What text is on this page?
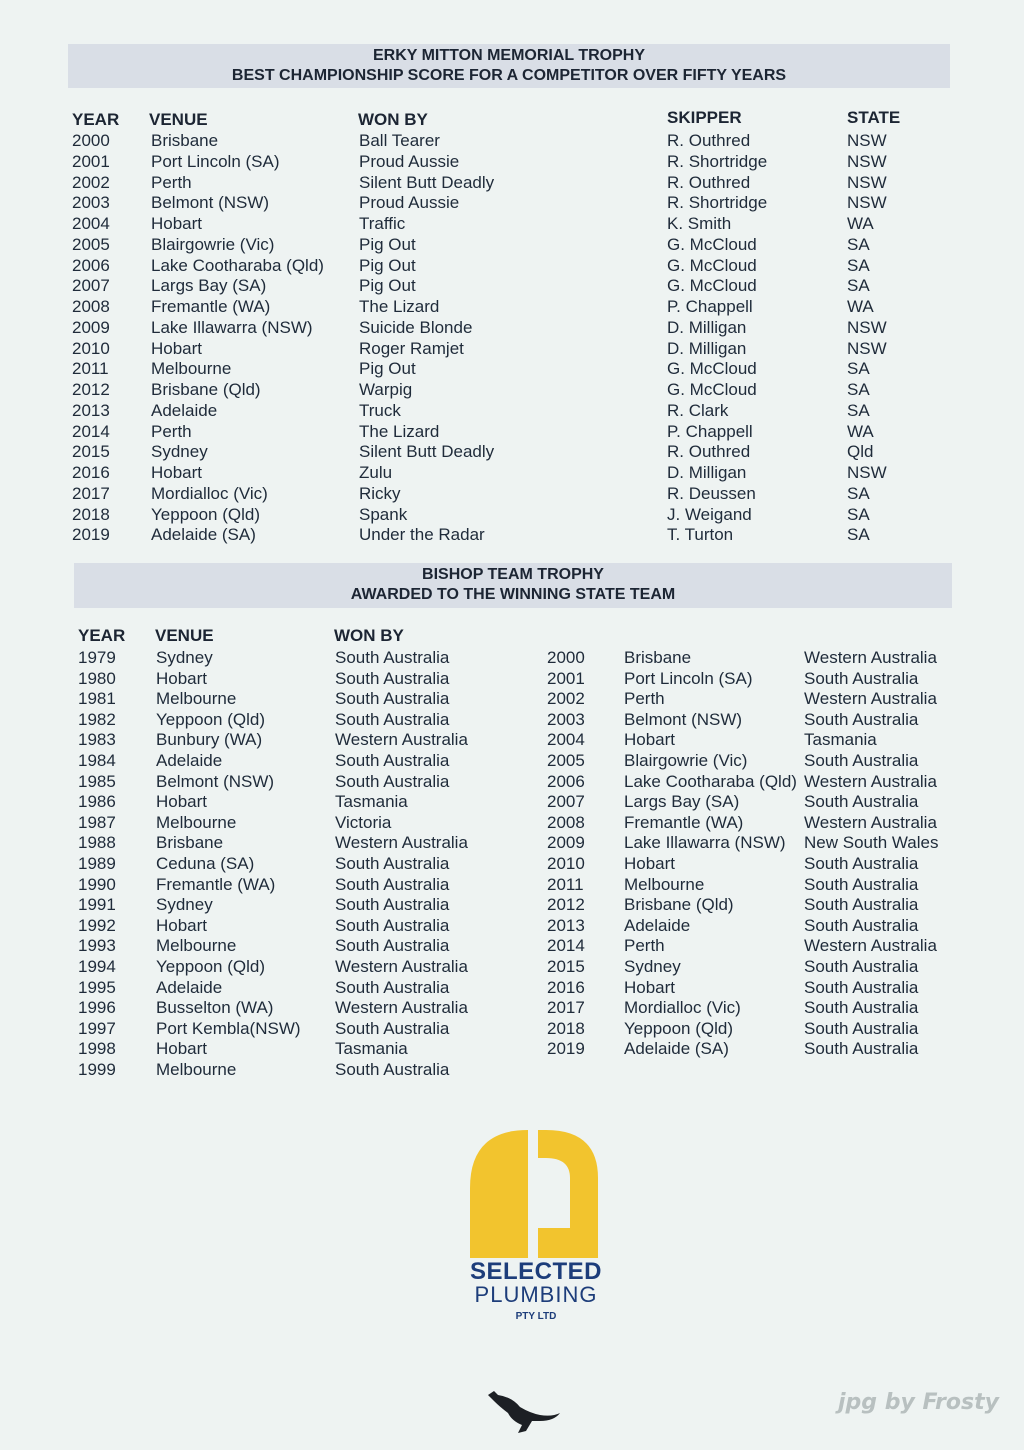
ERKY MITTON MEMORIAL TROPHY
BEST CHAMPIONSHIP SCORE FOR A COMPETITOR OVER FIFTY YEARS
YEAR VENUE	WON BY	SKIPPER	STATE
2000 Brisbane	Ball Tearer	R. Outhred	NSW
2001 Port Lincoln (SA)	Proud Aussie	R. Shortridge	NSW
2002 Perth	Silent Butt Deadly	R. Outhred	NSW
2003 Belmont (NSW)	Proud Aussie	R. Shortridge	NSW
2004 Hobart	Traffic	K. Smith	WA
2005 Blairgowrie (Vic)	Pig Out	G. McCloud	SA
2006 Lake Cootharaba (Qld) Pig Out	G. McCloud	SA
2007 Largs Bay (SA)	Pig Out	G. McCloud	SA
2008 Fremantle (WA)	The Lizard	P. Chappell	WA
2009 Lake Illawarra (NSW)	Suicide Blonde	D. Milligan	NSW
2010 Hobart	Roger Ramjet	D. Milligan	NSW
2011 Melbourne	Pig Out	G. McCloud	SA
2012 Brisbane (Qld)	Warpig	G. McCloud	SA
2013 Adelaide	Truck	R. Clark	SA
2014 Perth	The Lizard	P. Chappell	WA
2015 Sydney	Silent Butt Deadly	R. Outhred	Qld
2016 Hobart	Zulu	D. Milligan	NSW
2017 Mordialloc (Vic)	Ricky	R. Deussen	SA
2018 Yeppoon (Qld)	Spank	J. Weigand	SA
2019 Adelaide (SA)	Under the Radar	T. Turton	SA
BISHOP TEAM TROPHY
AWARDED TO THE WINNING STATE TEAM
YEAR VENUE	WON BY
1979 Sydney	South Australia
1980 Hobart	South Australia
1981 Melbourne	South Australia
1982 Yeppoon (Qld)	South Australia
1983 Bunbury (WA)	Western Australia
1984 Adelaide	South Australia
1985 Belmont (NSW)	South Australia
1986 Hobart	Tasmania
1987 Melbourne	Victoria
1988 Brisbane	Western Australia
1989 Ceduna (SA)	South Australia
1990 Fremantle (WA)	South Australia
1991 Sydney	South Australia
1992 Hobart	South Australia
1993 Melbourne	South Australia
1994 Yeppoon (Qld)	Western Australia
1995 Adelaide	South Australia
1996 Busselton (WA)	Western Australia
1997 Port Kembla(NSW) South Australia
1998 Hobart	Tasmania
1999 Melbourne	South Australia
2000 Brisbane	Western Australia
2001 Port Lincoln (SA)	South Australia
2002 Perth	Western Australia
2003 Belmont (NSW)	South Australia
2004 Hobart	Tasmania
2005 Blairgowrie (Vic)	South Australia
2006 Lake Cootharaba (Qld) Western Australia
2007 Largs Bay (SA)	South Australia
2008 Fremantle (WA)	Western Australia
2009 Lake Illawarra (NSW) New South Wales
2010 Hobart	South Australia
2011 Melbourne	South Australia
2012 Brisbane (Qld)	South Australia
2013 Adelaide	South Australia
2014 Perth	Western Australia
2015 Sydney	South Australia
2016 Hobart	South Australia
2017 Mordialloc (Vic)	South Australia
2018 Yeppoon (Qld)	South Australia
2019 Adelaide (SA)	South Australia
SELECTED
PLUMBING
PTY LTD
jpg by Frosty
